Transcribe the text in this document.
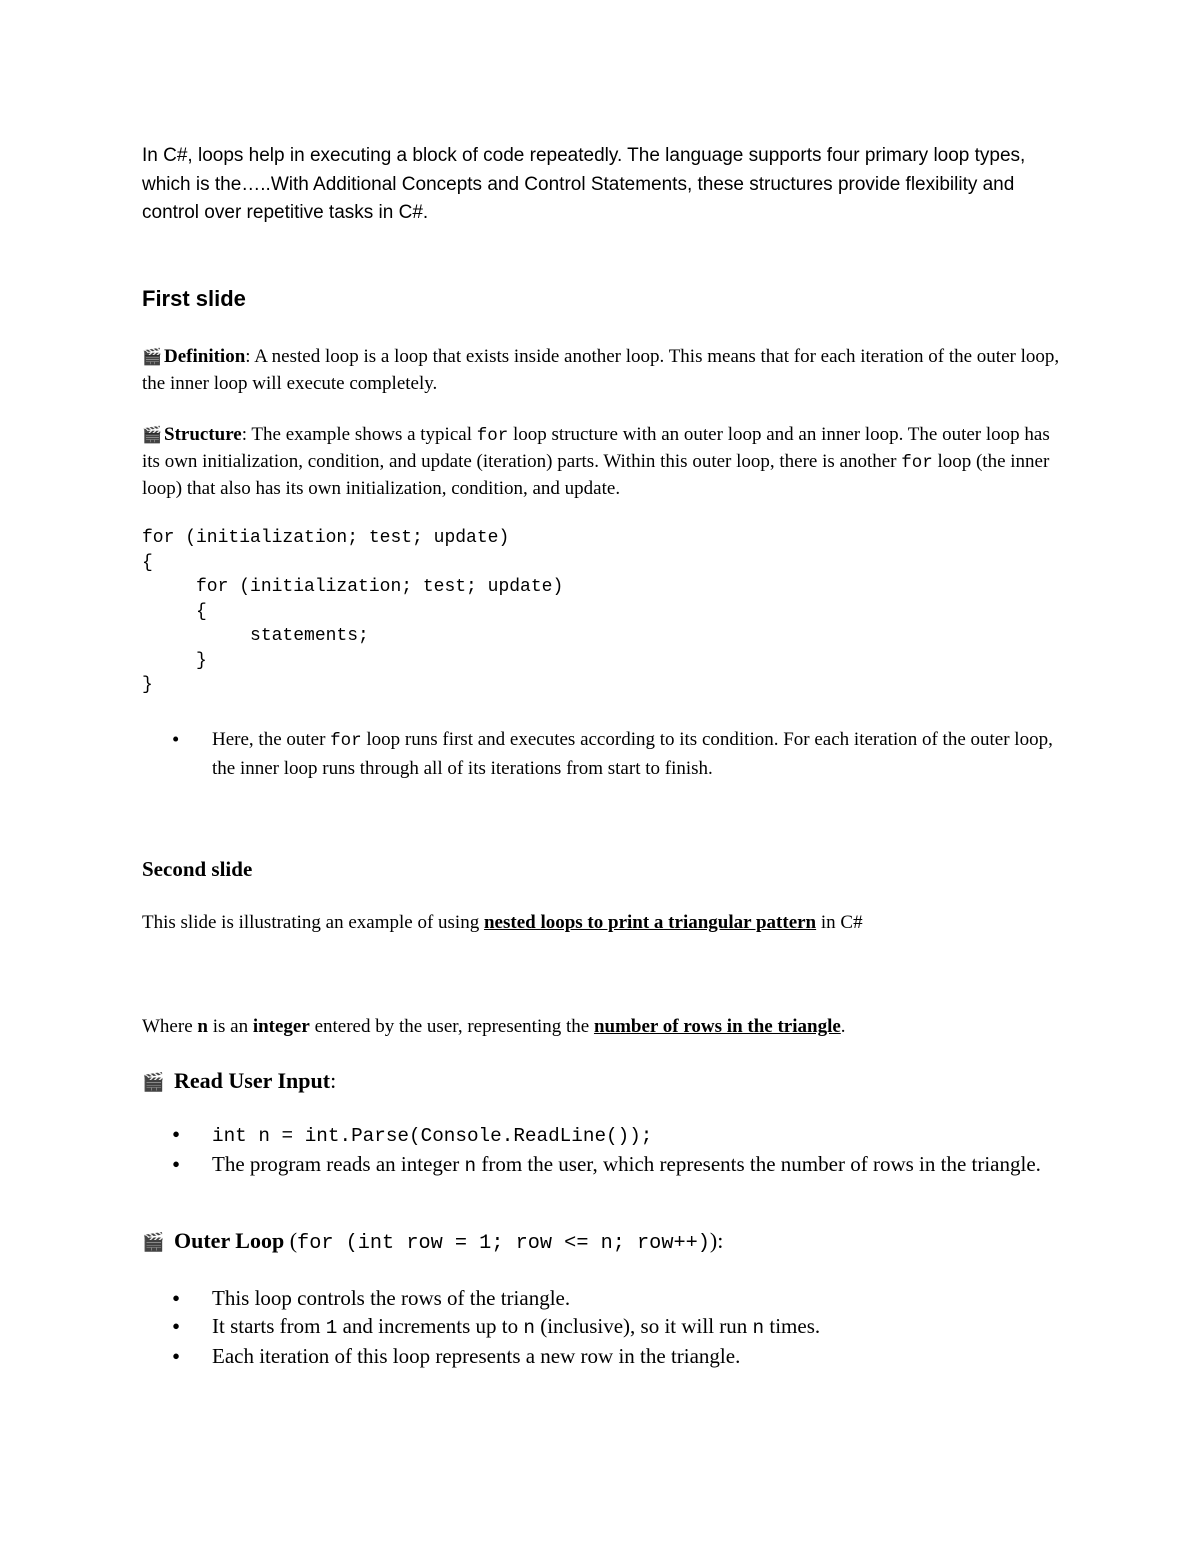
In C#, loops help in executing a block of code repeatedly. The language supports four primary loop types, which is the…..With Additional Concepts and Control Statements, these structures provide flexibility and control over repetitive tasks in C#.
First slide
🎬 Definition: A nested loop is a loop that exists inside another loop. This means that for each iteration of the outer loop, the inner loop will execute completely.
🎬 Structure: The example shows a typical for loop structure with an outer loop and an inner loop. The outer loop has its own initialization, condition, and update (iteration) parts. Within this outer loop, there is another for loop (the inner loop) that also has its own initialization, condition, and update.
for (initialization; test; update)
{
for (initialization; test; update)
{
statements;
}
}
• Here, the outer for loop runs first and executes according to its condition. For each iteration of the outer loop, the inner loop runs through all of its iterations from start to finish.
Second slide
This slide is illustrating an example of using nested loops to print a triangular pattern in C#
Where n is an integer entered by the user, representing the number of rows in the triangle.
🎬 Read User Input:
• int n = int.Parse(Console.ReadLine());
• The program reads an integer n from the user, which represents the number of rows in the triangle.
🎬 Outer Loop (for (int row = 1; row <= n; row++)):
• This loop controls the rows of the triangle.
• It starts from 1 and increments up to n (inclusive), so it will run n times.
• Each iteration of this loop represents a new row in the triangle.
